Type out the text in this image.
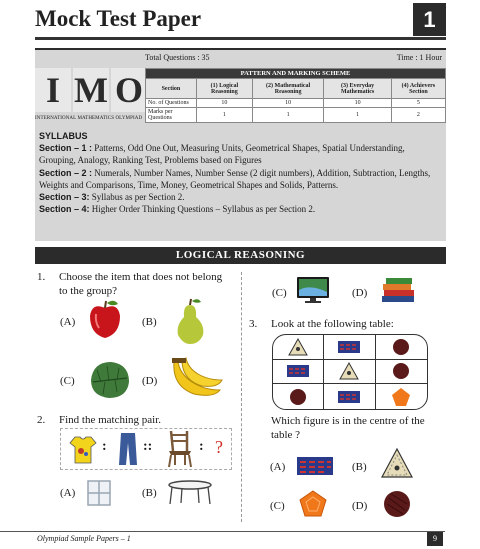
Mock Test Paper	1
Total Questions : 35	Time : 1 Hour
I M O
INTERNATIONAL MATHEMATICS OLYMPIAD
PATTERN AND MARKING SCHEME				
Section	(1) Logical Reasoning	(2) Mathematical Reasoning	(3) Everyday Mathematics	(4) Achievers Section
No. of Questions	10	10	10	5
Marks per Questions	1	1	1	2
SYLLABUS
Section – 1 : Patterns, Odd One Out, Measuring Units, Geometrical Shapes, Spatial Understanding, Grouping, Analogy, Ranking Test, Problems based on Figures
Section – 2 : Numerals, Number Names, Number Sense (2 digit numbers), Addition, Subtraction, Lengths, Weights and Comparisons, Time, Money, Geometrical Shapes and Solids, Patterns.
Section – 3: Syllabus as per Section 2.
Section – 4: Higher Order Thinking Questions – Syllabus as per Section 2.
LOGICAL REASONING
1. Choose the item that does not belong to the group?
(A)	(B)
(C)	(D)
2. Find the matching pair.
:	::	: ?
(A)	(B)
(C)	(D)
3. Look at the following table:
Which figure is in the centre of the table ?
(A)	(B)
(C)	(D)
Olympiad Sample Papers – 1	9
